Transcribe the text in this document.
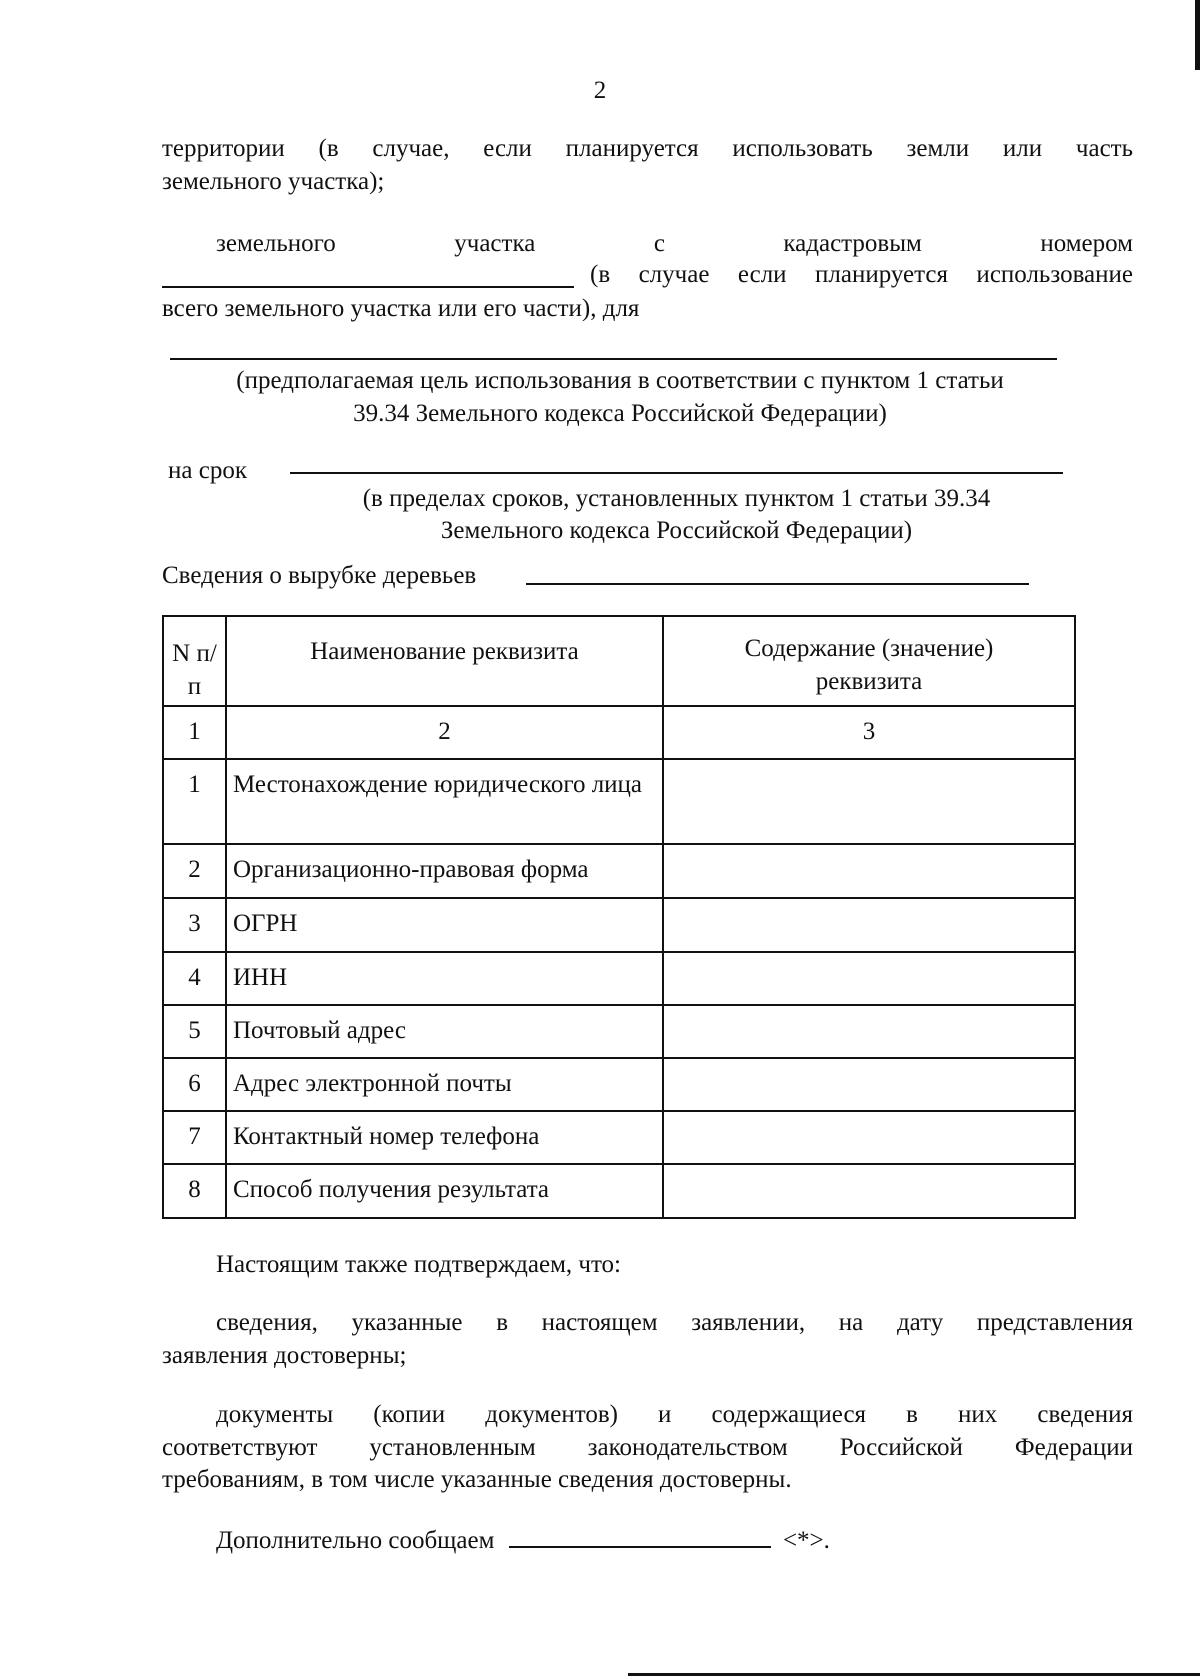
2
территории (в случае, если планируется использовать земли или часть
земельного участка);
земельного	участка	с	кадастровым	номером
(в случае если планируется использование
всего земельного участка или его части), для
(предполагаемая цель использования в соответствии с пунктом 1 статьи
39.34 Земельного кодекса Российской Федерации)
на срок
(в пределах сроков, установленных пунктом 1 статьи 39.34
Земельного кодекса Российской Федерации)
Сведения о вырубке деревьев
N п/п	Наименование реквизита	Содержание (значение) реквизита
1	2	3
1	Местонахождение юридического лица	
2	Организационно-правовая форма	
3	ОГРН	
4	ИНН	
5	Почтовый адрес	
6	Адрес электронной почты	
7	Контактный номер телефона	
8	Способ получения результата	
Настоящим также подтверждаем, что:
сведения, указанные в настоящем заявлении, на дату представления
заявления достоверны;
документы (копии документов) и содержащиеся в них сведения
соответствуют установленным законодательством Российской Федерации
требованиям, в том числе указанные сведения достоверны.
Дополнительно сообщаем	<*>.
